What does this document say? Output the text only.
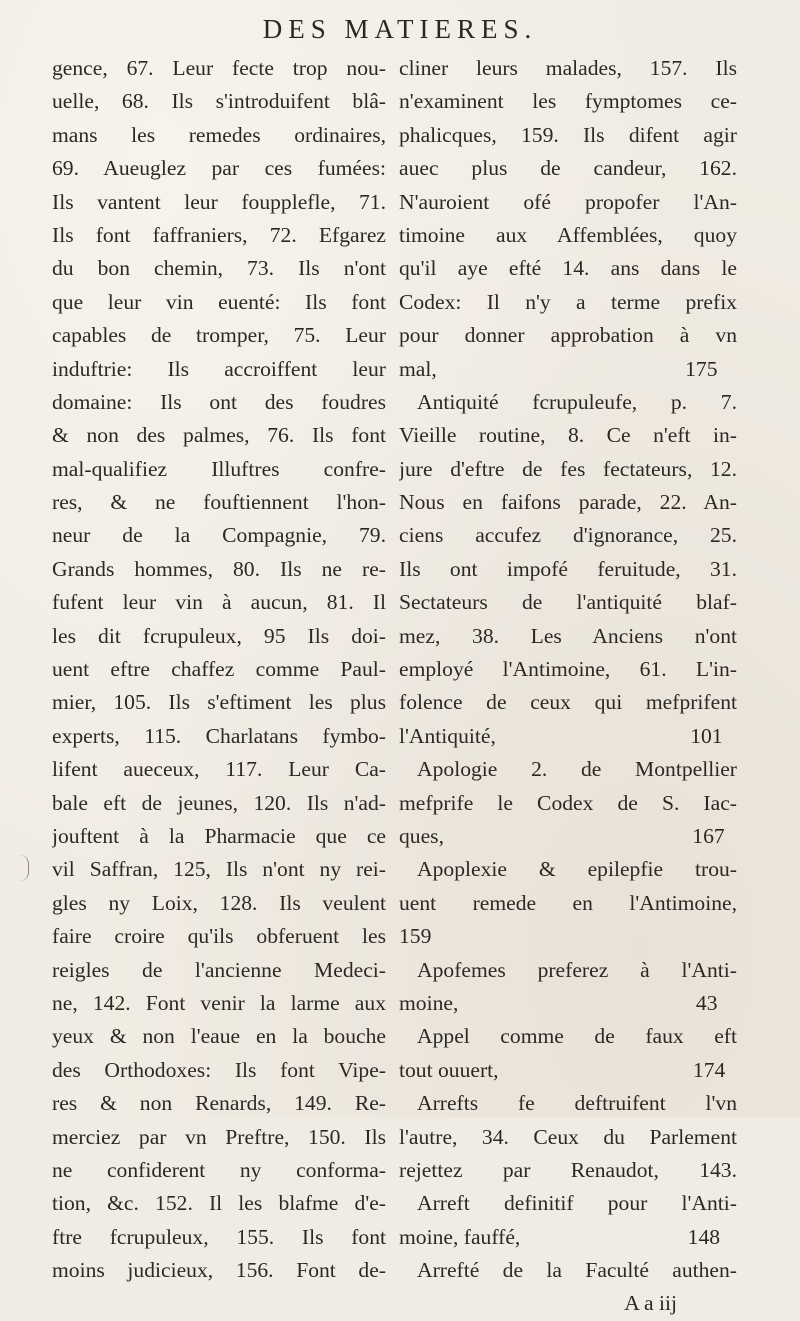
DES MATIERES.
gence, 67. Leur fecte trop nou-
uelle, 68. Ils s'introduifent blâ-
mans les remedes ordinaires,
69. Aueuglez par ces fumées:
Ils vantent leur foupplefle, 71.
Ils font faffraniers, 72. Efgarez
du bon chemin, 73. Ils n'ont
que leur vin euenté: Ils font
capables de tromper, 75. Leur
induftrie: Ils accroiffent leur
domaine: Ils ont des foudres
& non des palmes, 76. Ils font
mal-qualifiez Illuftres confre-
res, & ne fouftiennent l'hon-
neur de la Compagnie, 79.
Grands hommes, 80. Ils ne re-
fufent leur vin à aucun, 81. Il
les dit fcrupuleux, 95 Ils doi-
uent eftre chaffez comme Paul-
mier, 105. Ils s'eftiment les plus
experts, 115. Charlatans fymbo-
lifent aueceux, 117. Leur Ca-
bale eft de jeunes, 120. Ils n'ad-
jouftent à la Pharmacie que ce
vil Saffran, 125, Ils n'ont ny rei-
gles ny Loix, 128. Ils veulent
faire croire qu'ils obferuent les
reigles de l'ancienne Medeci-
ne, 142. Font venir la larme aux
yeux & non l'eaue en la bouche
des Orthodoxes: Ils font Vipe-
res & non Renards, 149. Re-
merciez par vn Preftre, 150. Ils
ne confiderent ny conforma-
tion, &c. 152. Il les blafme d'e-
ftre fcrupuleux, 155. Ils font
moins judicieux, 156. Font de-
cliner leurs malades, 157. Ils
n'examinent les fymptomes ce-
phalicques, 159. Ils difent agir
auec plus de candeur, 162.
N'auroient ofé propofer l'An-
timoine aux Affemblées, quoy
qu'il aye efté 14. ans dans le
Codex: Il n'y a terme prefix
pour donner approbation à vn
mal,                                              175
Antiquité fcrupuleufe, p. 7.
Vieille routine, 8. Ce n'eft in-
jure d'eftre de fes fectateurs, 12.
Nous en faifons parade, 22. An-
ciens accufez d'ignorance, 25.
Ils ont impofé feruitude, 31.
Sectateurs de l'antiquité blaf-
mez, 38. Les Anciens n'ont
employé l'Antimoine, 61. L'in-
folence de ceux qui mefprifent
l'Antiquité,                                    101
Apologie 2. de Montpellier
mefprife le Codex de S. Iac-
ques,                                              167
Apoplexie & epilepfie trou-
uent remede en l'Antimoine,
159
Apofemes preferez à l'Anti-
moine,                                            43
Appel comme de faux eft
tout ouuert,                                    174
Arrefts fe deftruifent l'vn
l'autre, 34. Ceux du Parlement
rejettez par Renaudot, 143.
Arreft definitif pour l'Anti-
moine, fauffé,                               148
Arrefté de la Faculté authen-
A a iij
